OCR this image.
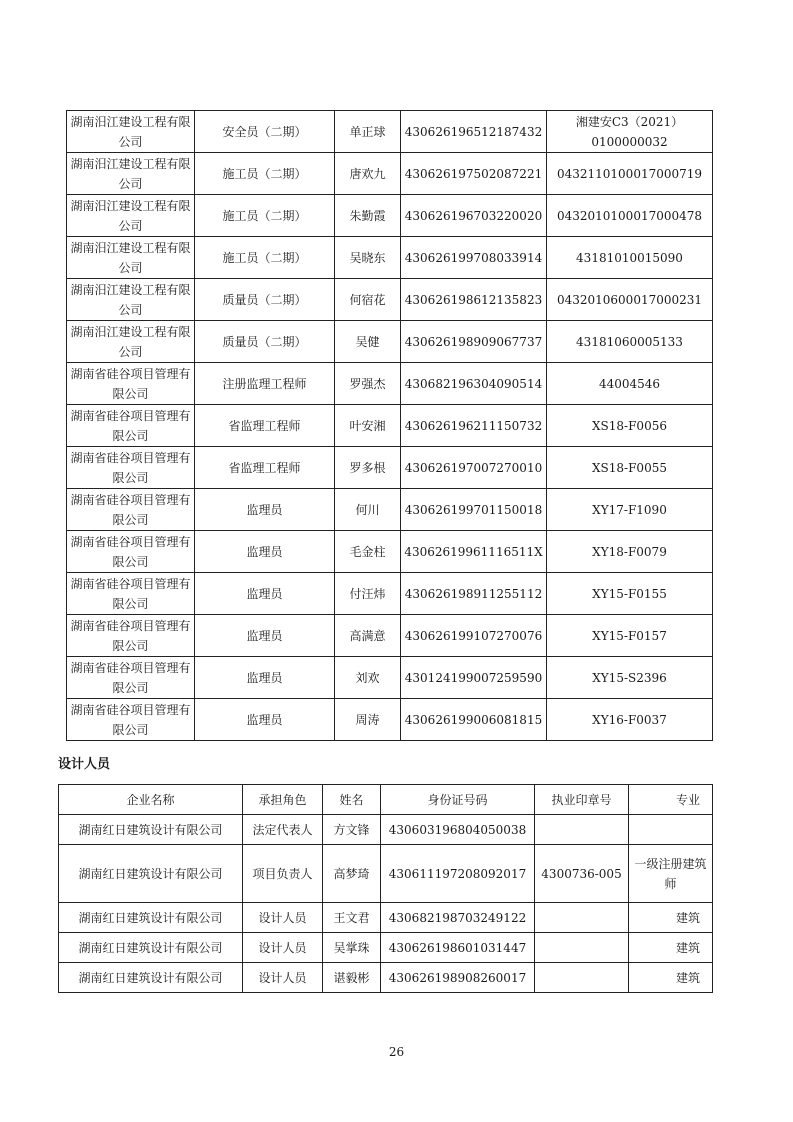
湖南汨江建设工程有限公司	安全员（二期）	单正球	430626196512187432	湘建安C3（2021）0100000032
湖南汨江建设工程有限公司	施工员（二期）	唐欢九	430626197502087221	0432110100017000719
湖南汨江建设工程有限公司	施工员（二期）	朱勤霞	430626196703220020	0432010100017000478
湖南汨江建设工程有限公司	施工员（二期）	吴晓东	430626199708033914	43181010015090
湖南汨江建设工程有限公司	质量员（二期）	何宿花	430626198612135823	0432010600017000231
湖南汨江建设工程有限公司	质量员（二期）	吴健	430626198909067737	43181060005133
湖南省硅谷项目管理有限公司	注册监理工程师	罗强杰	430682196304090514	44004546
湖南省硅谷项目管理有限公司	省监理工程师	叶安湘	430626196211150732	XS18-F0056
湖南省硅谷项目管理有限公司	省监理工程师	罗多根	430626197007270010	XS18-F0055
湖南省硅谷项目管理有限公司	监理员	何川	430626199701150018	XY17-F1090
湖南省硅谷项目管理有限公司	监理员	毛金柱	43062619961116511X	XY18-F0079
湖南省硅谷项目管理有限公司	监理员	付汪炜	430626198911255112	XY15-F0155
湖南省硅谷项目管理有限公司	监理员	高满意	430626199107270076	XY15-F0157
湖南省硅谷项目管理有限公司	监理员	刘欢	430124199007259590	XY15-S2396
湖南省硅谷项目管理有限公司	监理员	周涛	430626199006081815	XY16-F0037
设计人员
企业名称	承担角色	姓名	身份证号码	执业印章号	专业
湖南红日建筑设计有限公司	法定代表人	方文锋	430603196804050038		
湖南红日建筑设计有限公司	项目负责人	高梦琦	430611197208092017	4300736-005	一级注册建筑师
湖南红日建筑设计有限公司	设计人员	王文君	430682198703249122		建筑
湖南红日建筑设计有限公司	设计人员	吴掌珠	430626198601031447		建筑
湖南红日建筑设计有限公司	设计人员	谌毅彬	430626198908260017		建筑
26
